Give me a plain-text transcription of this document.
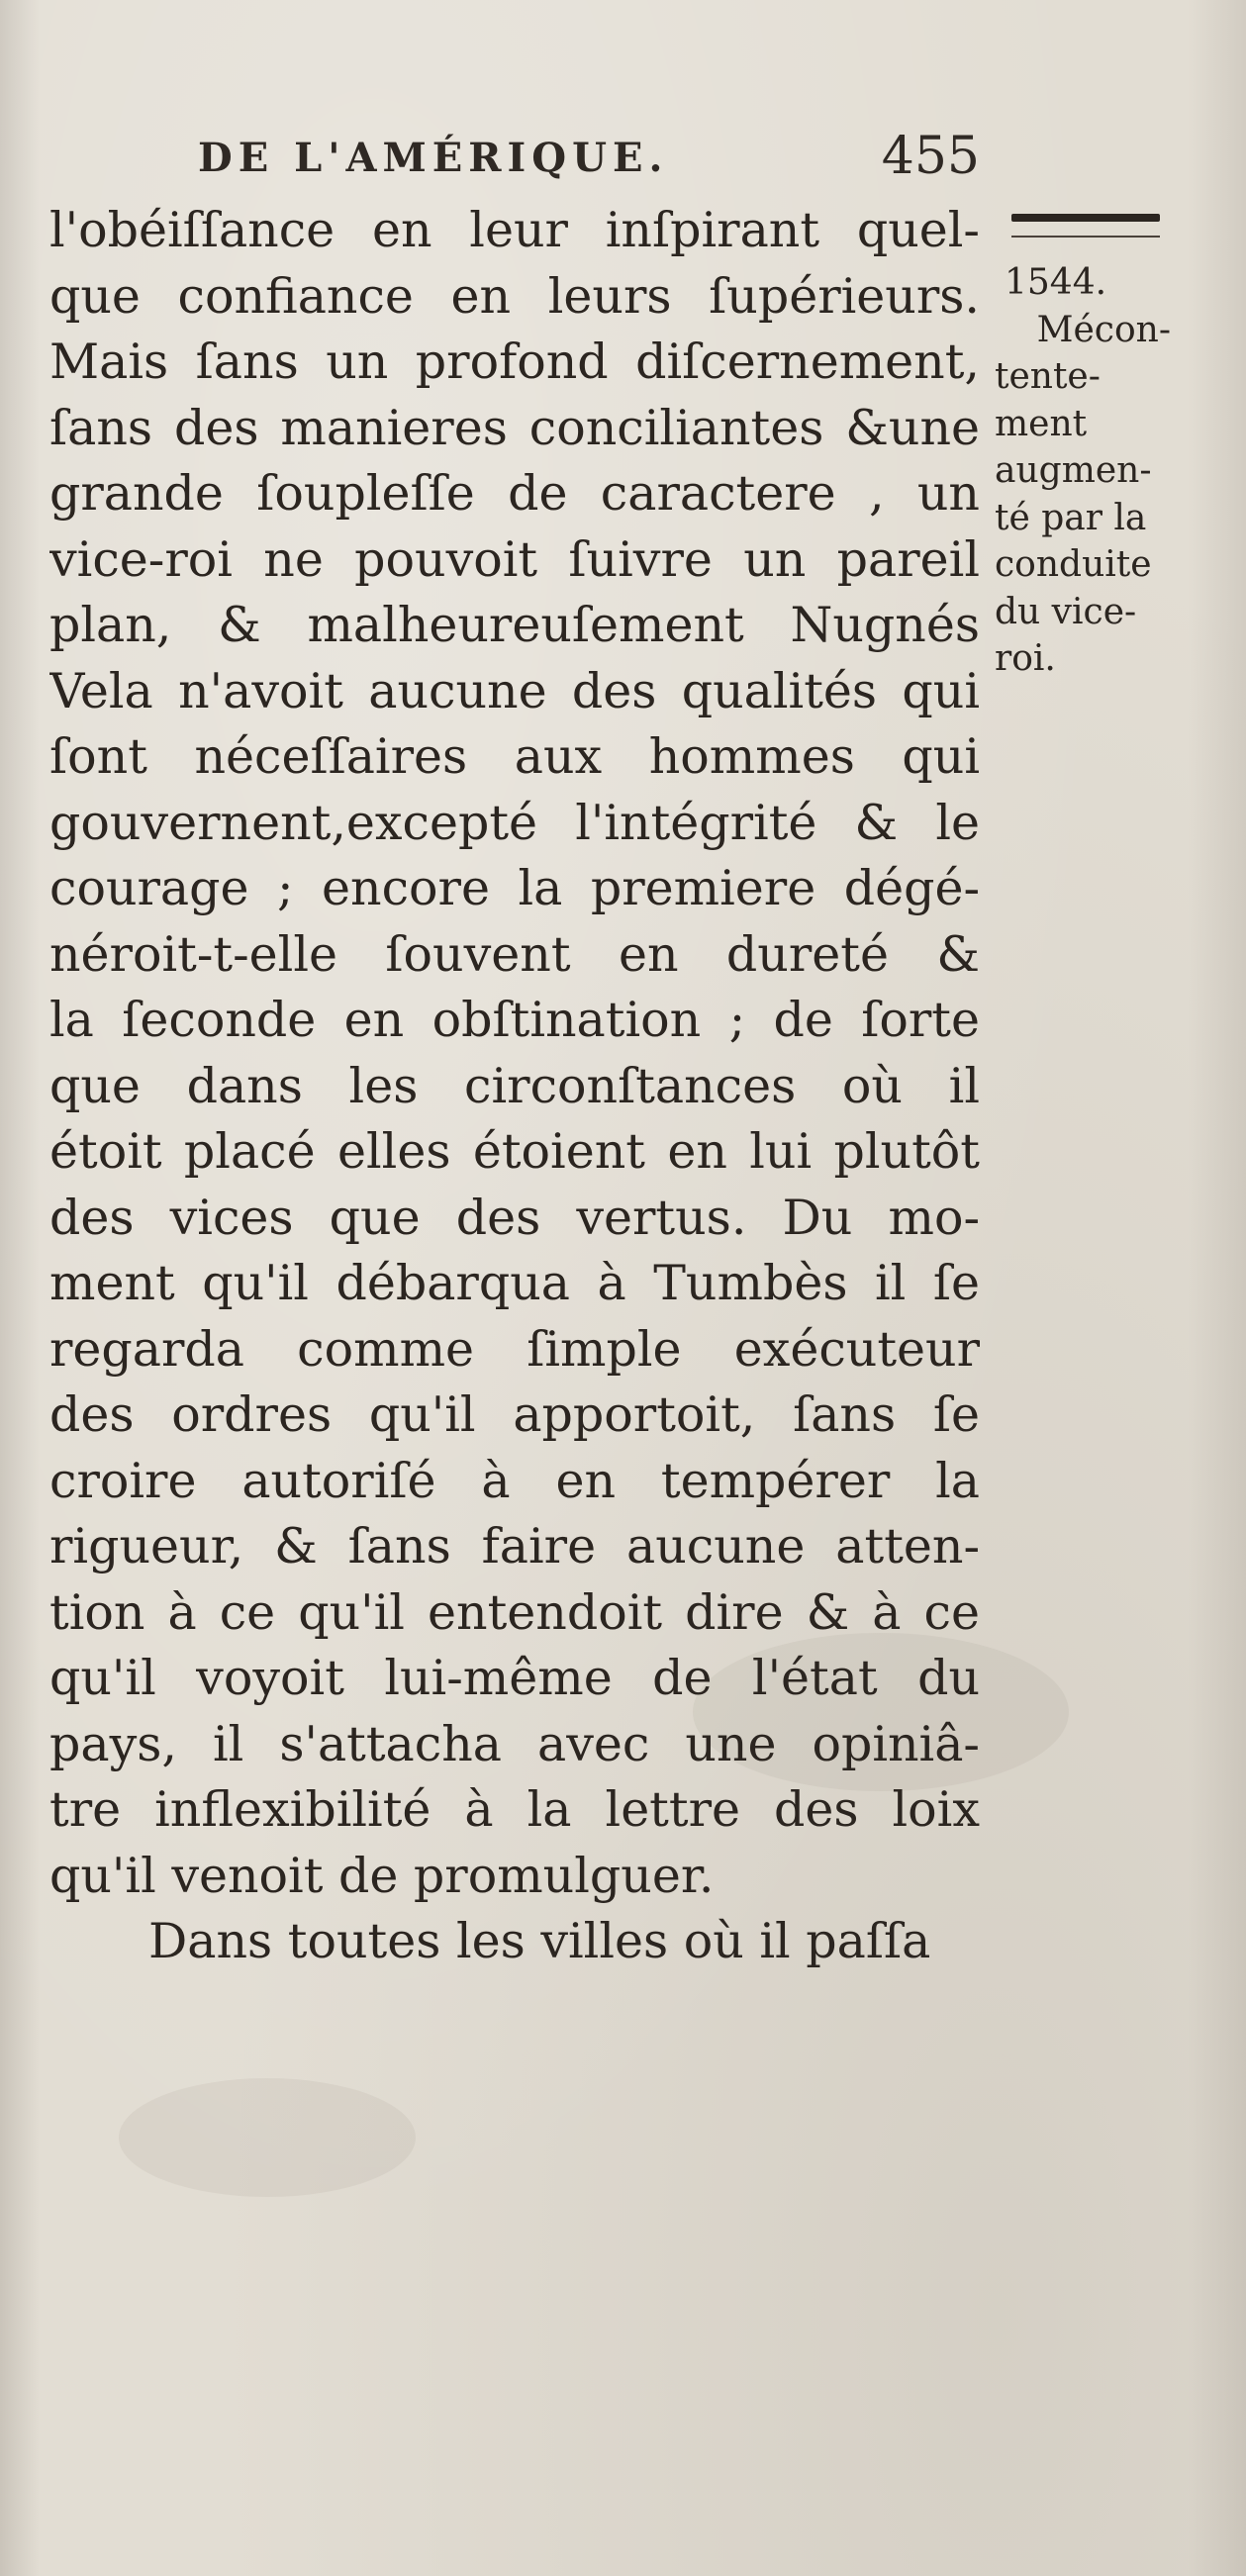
DE L'AMÉRIQUE.	455
l'obéiſſance en leur inſpirant quel-
que confiance en leurs ſupérieurs.
Mais ſans un profond diſcernement,
ſans des manieres conciliantes &une
grande ſoupleſſe de caractere , un
vice-roi ne pouvoit ſuivre un pareil
plan, & malheureuſement Nugnés
Vela n'avoit aucune des qualités qui
ſont néceſſaires aux hommes qui
gouvernent,excepté l'intégrité & le
courage ; encore la premiere dégé-
néroit-t-elle ſouvent en dureté &
la ſeconde en obſtination ; de ſorte
que dans les circonſtances où il
étoit placé elles étoient en lui plutôt
des vices que des vertus. Du mo-
ment qu'il débarqua à Tumbès il ſe
regarda comme ſimple exécuteur
des ordres qu'il apportoit, ſans ſe
croire autoriſé à en tempérer la
rigueur, & ſans faire aucune atten-
tion à ce qu'il entendoit dire & à ce
qu'il voyoit lui-même de l'état du
pays, il s'attacha avec une opiniâ-
tre inflexibilité à la lettre des loix
qu'il venoit de promulguer.
Dans toutes les villes où il paſſa
1544.
Mécon-
tente-
ment
augmen-
té par la
conduite
du vice-
roi.
